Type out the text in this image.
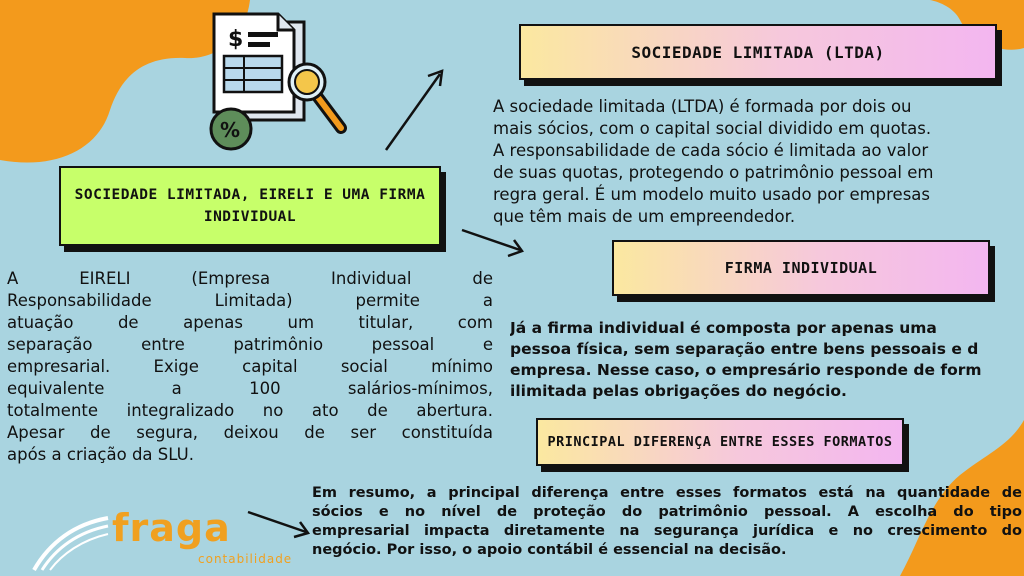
$
%
SOCIEDADE LIMITADA, EIRELI E UMA FIRMA
INDIVIDUAL
SOCIEDADE LIMITADA (LTDA)
A sociedade limitada (LTDA) é formada por dois ou
mais sócios, com o capital social dividido em quotas.
A responsabilidade de cada sócio é limitada ao valor
de suas quotas, protegendo o patrimônio pessoal em
regra geral. É um modelo muito usado por empresas
que têm mais de um empreendedor.
A EIRELI (Empresa Individual de
Responsabilidade Limitada) permite a
atuação de apenas um titular, com
separação entre patrimônio pessoal e
empresarial. Exige capital social mínimo
equivalente a 100 salários-mínimos,
totalmente integralizado no ato de abertura.
Apesar de segura, deixou de ser constituída
após a criação da SLU.
FIRMA INDIVIDUAL
Já a firma individual é composta por apenas uma
pessoa física, sem separação entre bens pessoais e d
empresa. Nesse caso, o empresário responde de form
ilimitada pelas obrigações do negócio.
PRINCIPAL DIFERENÇA ENTRE ESSES FORMATOS
Em resumo, a principal diferença entre esses formatos está na quantidade de
sócios e no nível de proteção do patrimônio pessoal. A escolha do tipo
empresarial impacta diretamente na segurança jurídica e no crescimento do
negócio. Por isso, o apoio contábil é essencial na decisão.
fraga
contabilidade
